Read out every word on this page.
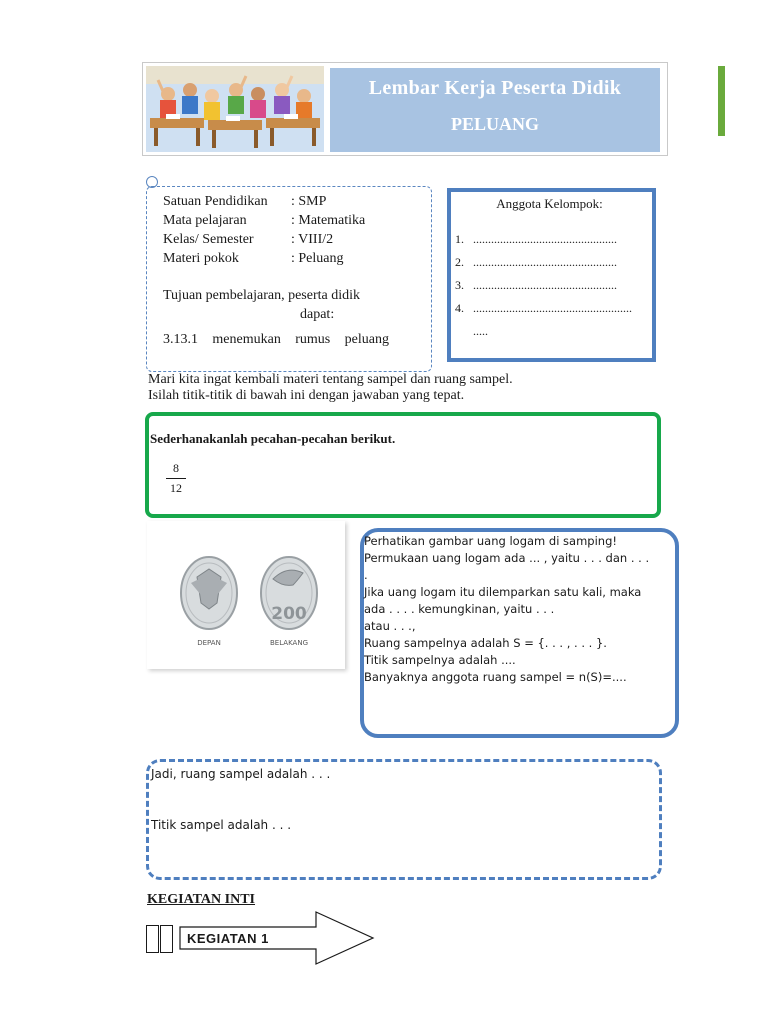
Lembar Kerja Peserta Didik
PELUANG
Satuan Pendidikan : SMP
Mata pelajaran	: Matematika
Kelas/ Semester	: VIII/2
Materi pokok	: Peluang
Tujuan pembelajaran, peserta didik
dapat:
3.13.1 menemukan rumus peluang
Anggota Kelompok:
1. ................................................
2. ................................................
3. ................................................
4. .....................................................
.....
Mari kita ingat kembali materi tentang sampel dan ruang sampel.
Isilah titik-titik di bawah ini dengan jawaban yang tepat.
Sederhanakanlah pecahan-pecahan berikut.
8
12
200
DEPAN	BELAKANG
Perhatikan gambar uang logam di samping!
Permukaan uang logam ada ... , yaitu . . . dan . . .
.
Jika uang logam itu dilemparkan satu kali, maka
ada . . . . kemungkinan, yaitu . . .
atau . . .,
Ruang sampelnya adalah S = {. . . , . . . }.
Titik sampelnya adalah ....
Banyaknya anggota ruang sampel = n(S)=....
Jadi, ruang sampel adalah . . .
Titik sampel adalah . . .
KEGIATAN INTI
KEGIATAN 1
